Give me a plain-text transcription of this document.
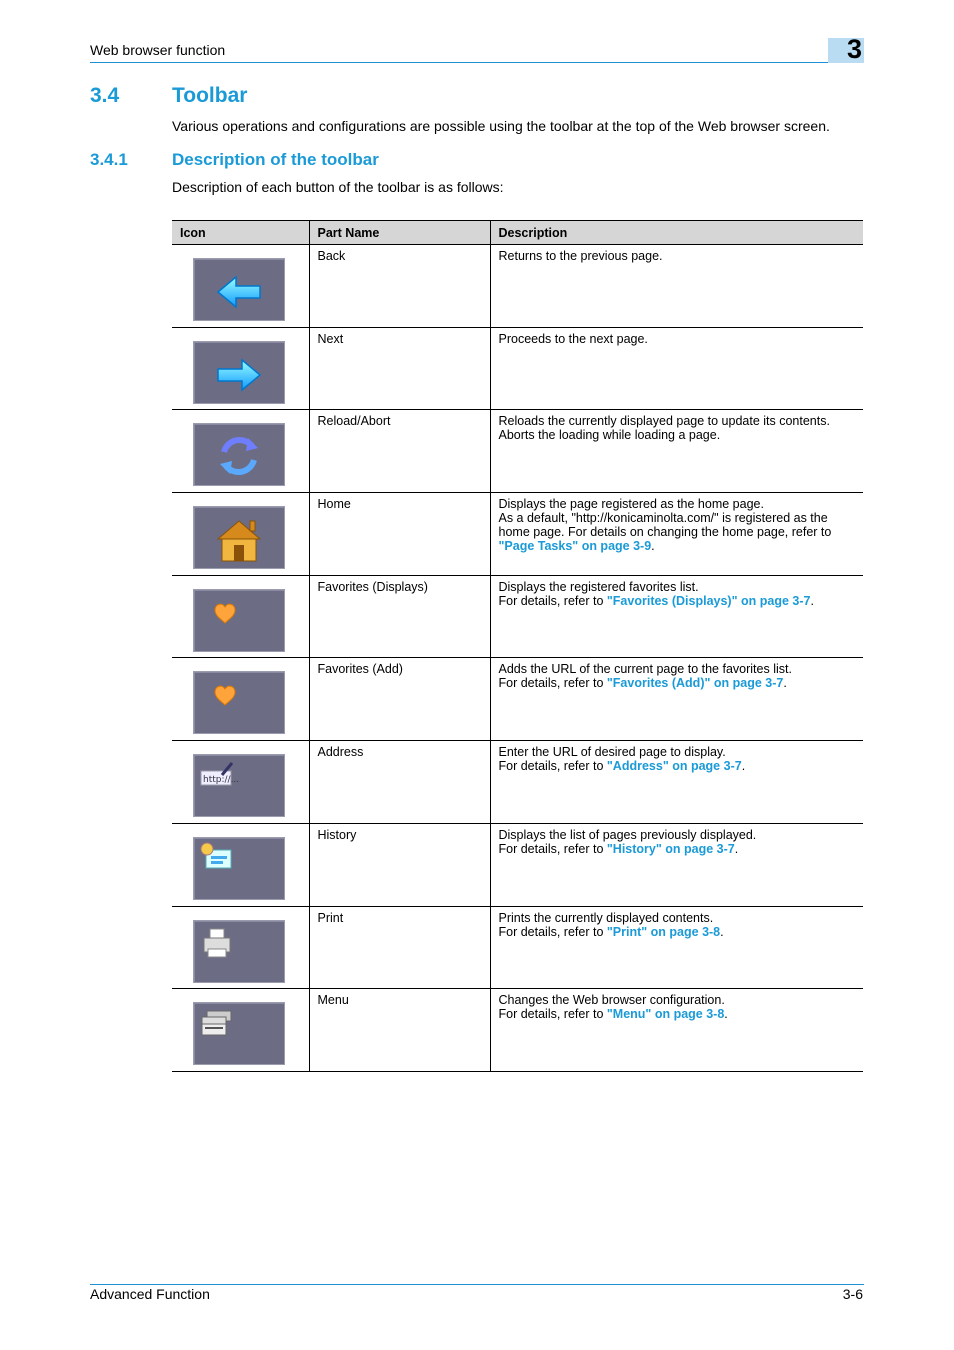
Web browser function	3
3.4	Toolbar
Various operations and configurations are possible using the toolbar at the top of the Web browser screen.
3.4.1	Description of the toolbar
Description of each button of the toolbar is as follows:
Icon	Part Name	Description

	Back	Returns to the previous page.

	Next	Proceeds to the next page.

	Reload/Abort	Reloads the currently displayed page to update its contents.
Aborts the loading while loading a page.

	Home	Displays the page registered as the home page.
As a default, "http://konicaminolta.com/" is registered as the
home page. For details on changing the home page, refer to
"Page Tasks" on page 3-9.

	Favorites (Displays)	Displays the registered favorites list.
For details, refer to "Favorites (Displays)" on page 3-7.

	Favorites (Add)	Adds the URL of the current page to the favorites list.
For details, refer to "Favorites (Add)" on page 3-7.

http://...	Address	Enter the URL of desired page to display.
For details, refer to "Address" on page 3-7.

	History	Displays the list of pages previously displayed.
For details, refer to "History" on page 3-7.

	Print	Prints the currently displayed contents.
For details, refer to "Print" on page 3-8.

	Menu	Changes the Web browser configuration.
For details, refer to "Menu" on page 3-8.
Advanced Function	3-6
